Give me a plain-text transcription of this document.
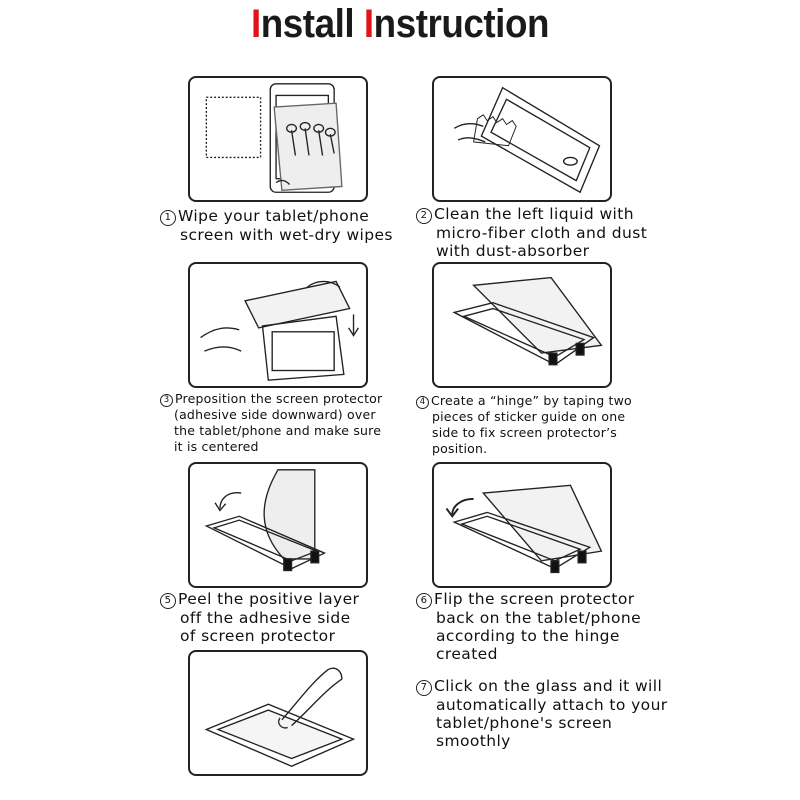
Install Instruction
1 Wipe your tablet/phone
screen with wet-dry wipes
2 Clean the left liquid with
micro-fiber cloth and dust
with dust-absorber
3 Preposition the screen protector
(adhesive side downward) over
the tablet/phone and make sure
it is centered
4 Create a “hinge” by taping two
pieces of sticker guide on one
side to fix screen protector’s
position.
5 Peel the positive layer
off the adhesive side
of screen protector
6 Flip the screen protector
back on the tablet/phone
according to the hinge
created
7 Click on the glass and it will
automatically attach to your
tablet/phone's screen
smoothly
